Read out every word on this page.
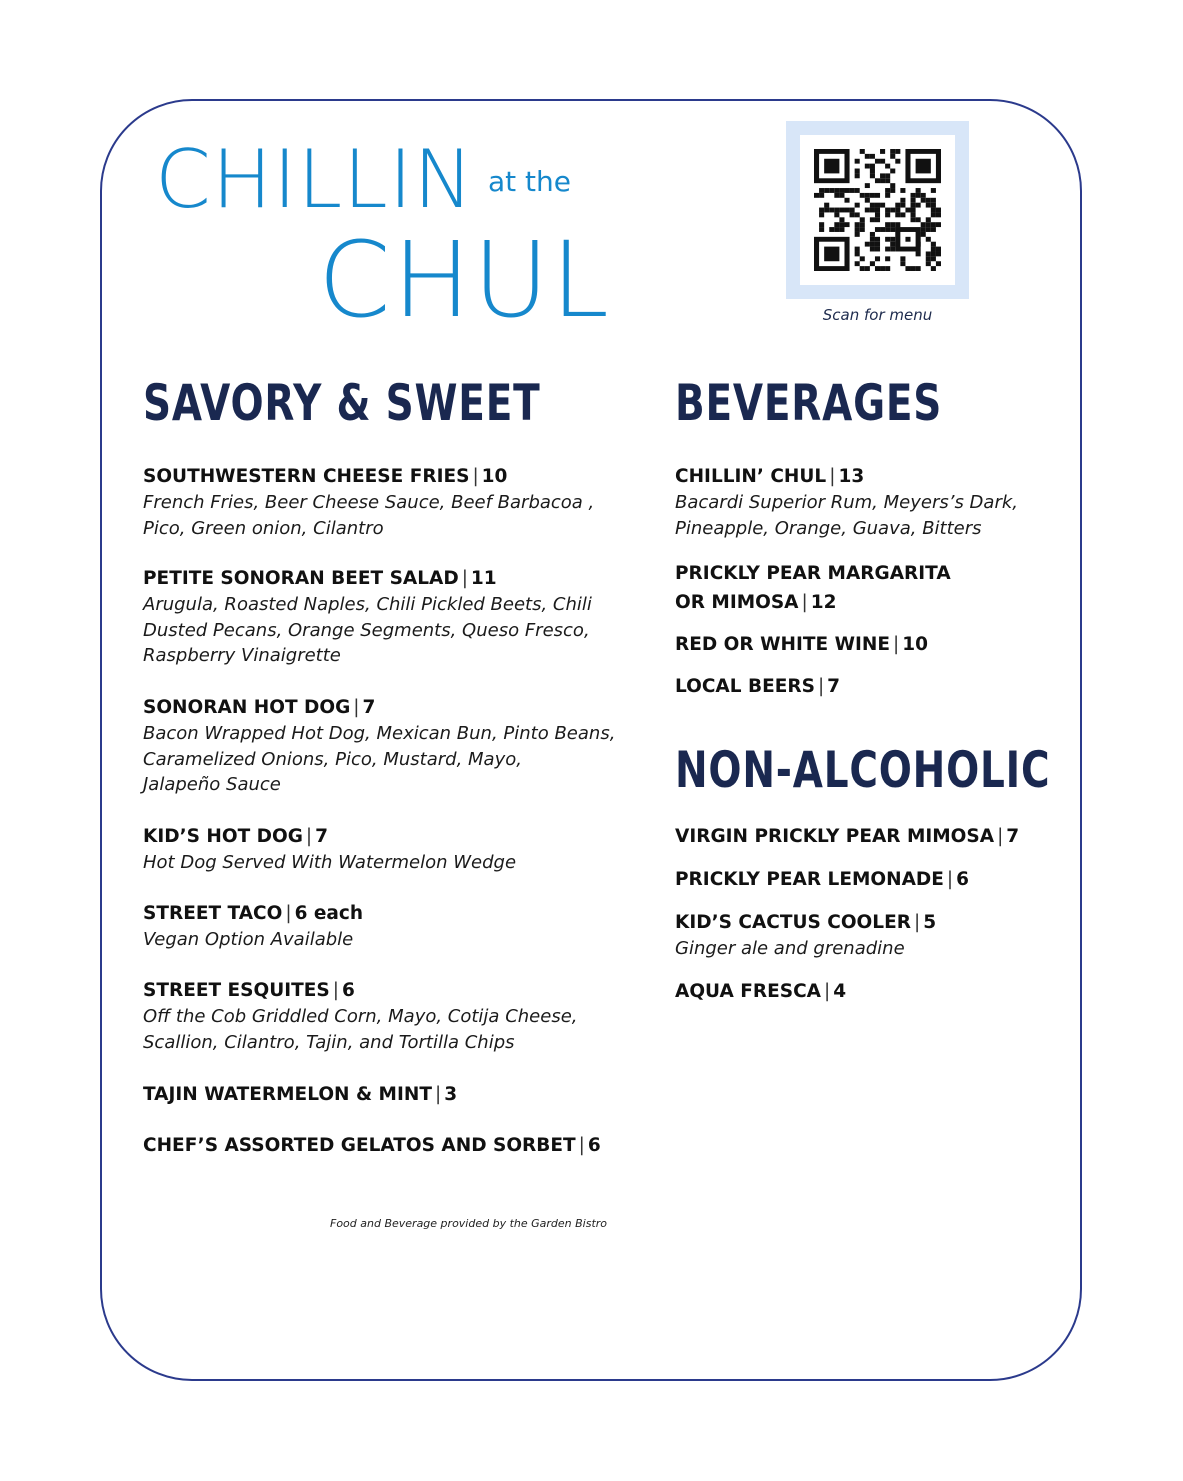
CHILLIN at the
CHUL	Scan for menu
SAVORY & SWEET	BEVERAGES
NON-ALCOHOLIC
SOUTHWESTERN CHEESE FRIES | 10
French Fries, Beer Cheese Sauce, Beef Barbacoa ,
Pico, Green onion, Cilantro
PETITE SONORAN BEET SALAD | 11
Arugula, Roasted Naples, Chili Pickled Beets, Chili
Dusted Pecans, Orange Segments, Queso Fresco,
Raspberry Vinaigrette
SONORAN HOT DOG | 7
Bacon Wrapped Hot Dog, Mexican Bun, Pinto Beans,
Caramelized Onions, Pico, Mustard, Mayo,
Jalapeño Sauce
KID’S HOT DOG | 7
Hot Dog Served With Watermelon Wedge
STREET TACO | 6 each
Vegan Option Available
STREET ESQUITES | 6
Off the Cob Griddled Corn, Mayo, Cotija Cheese,
Scallion, Cilantro, Tajin, and Tortilla Chips
TAJIN WATERMELON & MINT | 3
CHEF’S ASSORTED GELATOS AND SORBET | 6
CHILLIN’ CHUL | 13
Bacardi Superior Rum, Meyers’s Dark,
Pineapple, Orange, Guava, Bitters
PRICKLY PEAR MARGARITA
OR MIMOSA | 12
RED OR WHITE WINE | 10
LOCAL BEERS | 7
VIRGIN PRICKLY PEAR MIMOSA | 7
PRICKLY PEAR LEMONADE | 6
KID’S CACTUS COOLER | 5
Ginger ale and grenadine
AQUA FRESCA | 4
Food and Beverage provided by the Garden Bistro
